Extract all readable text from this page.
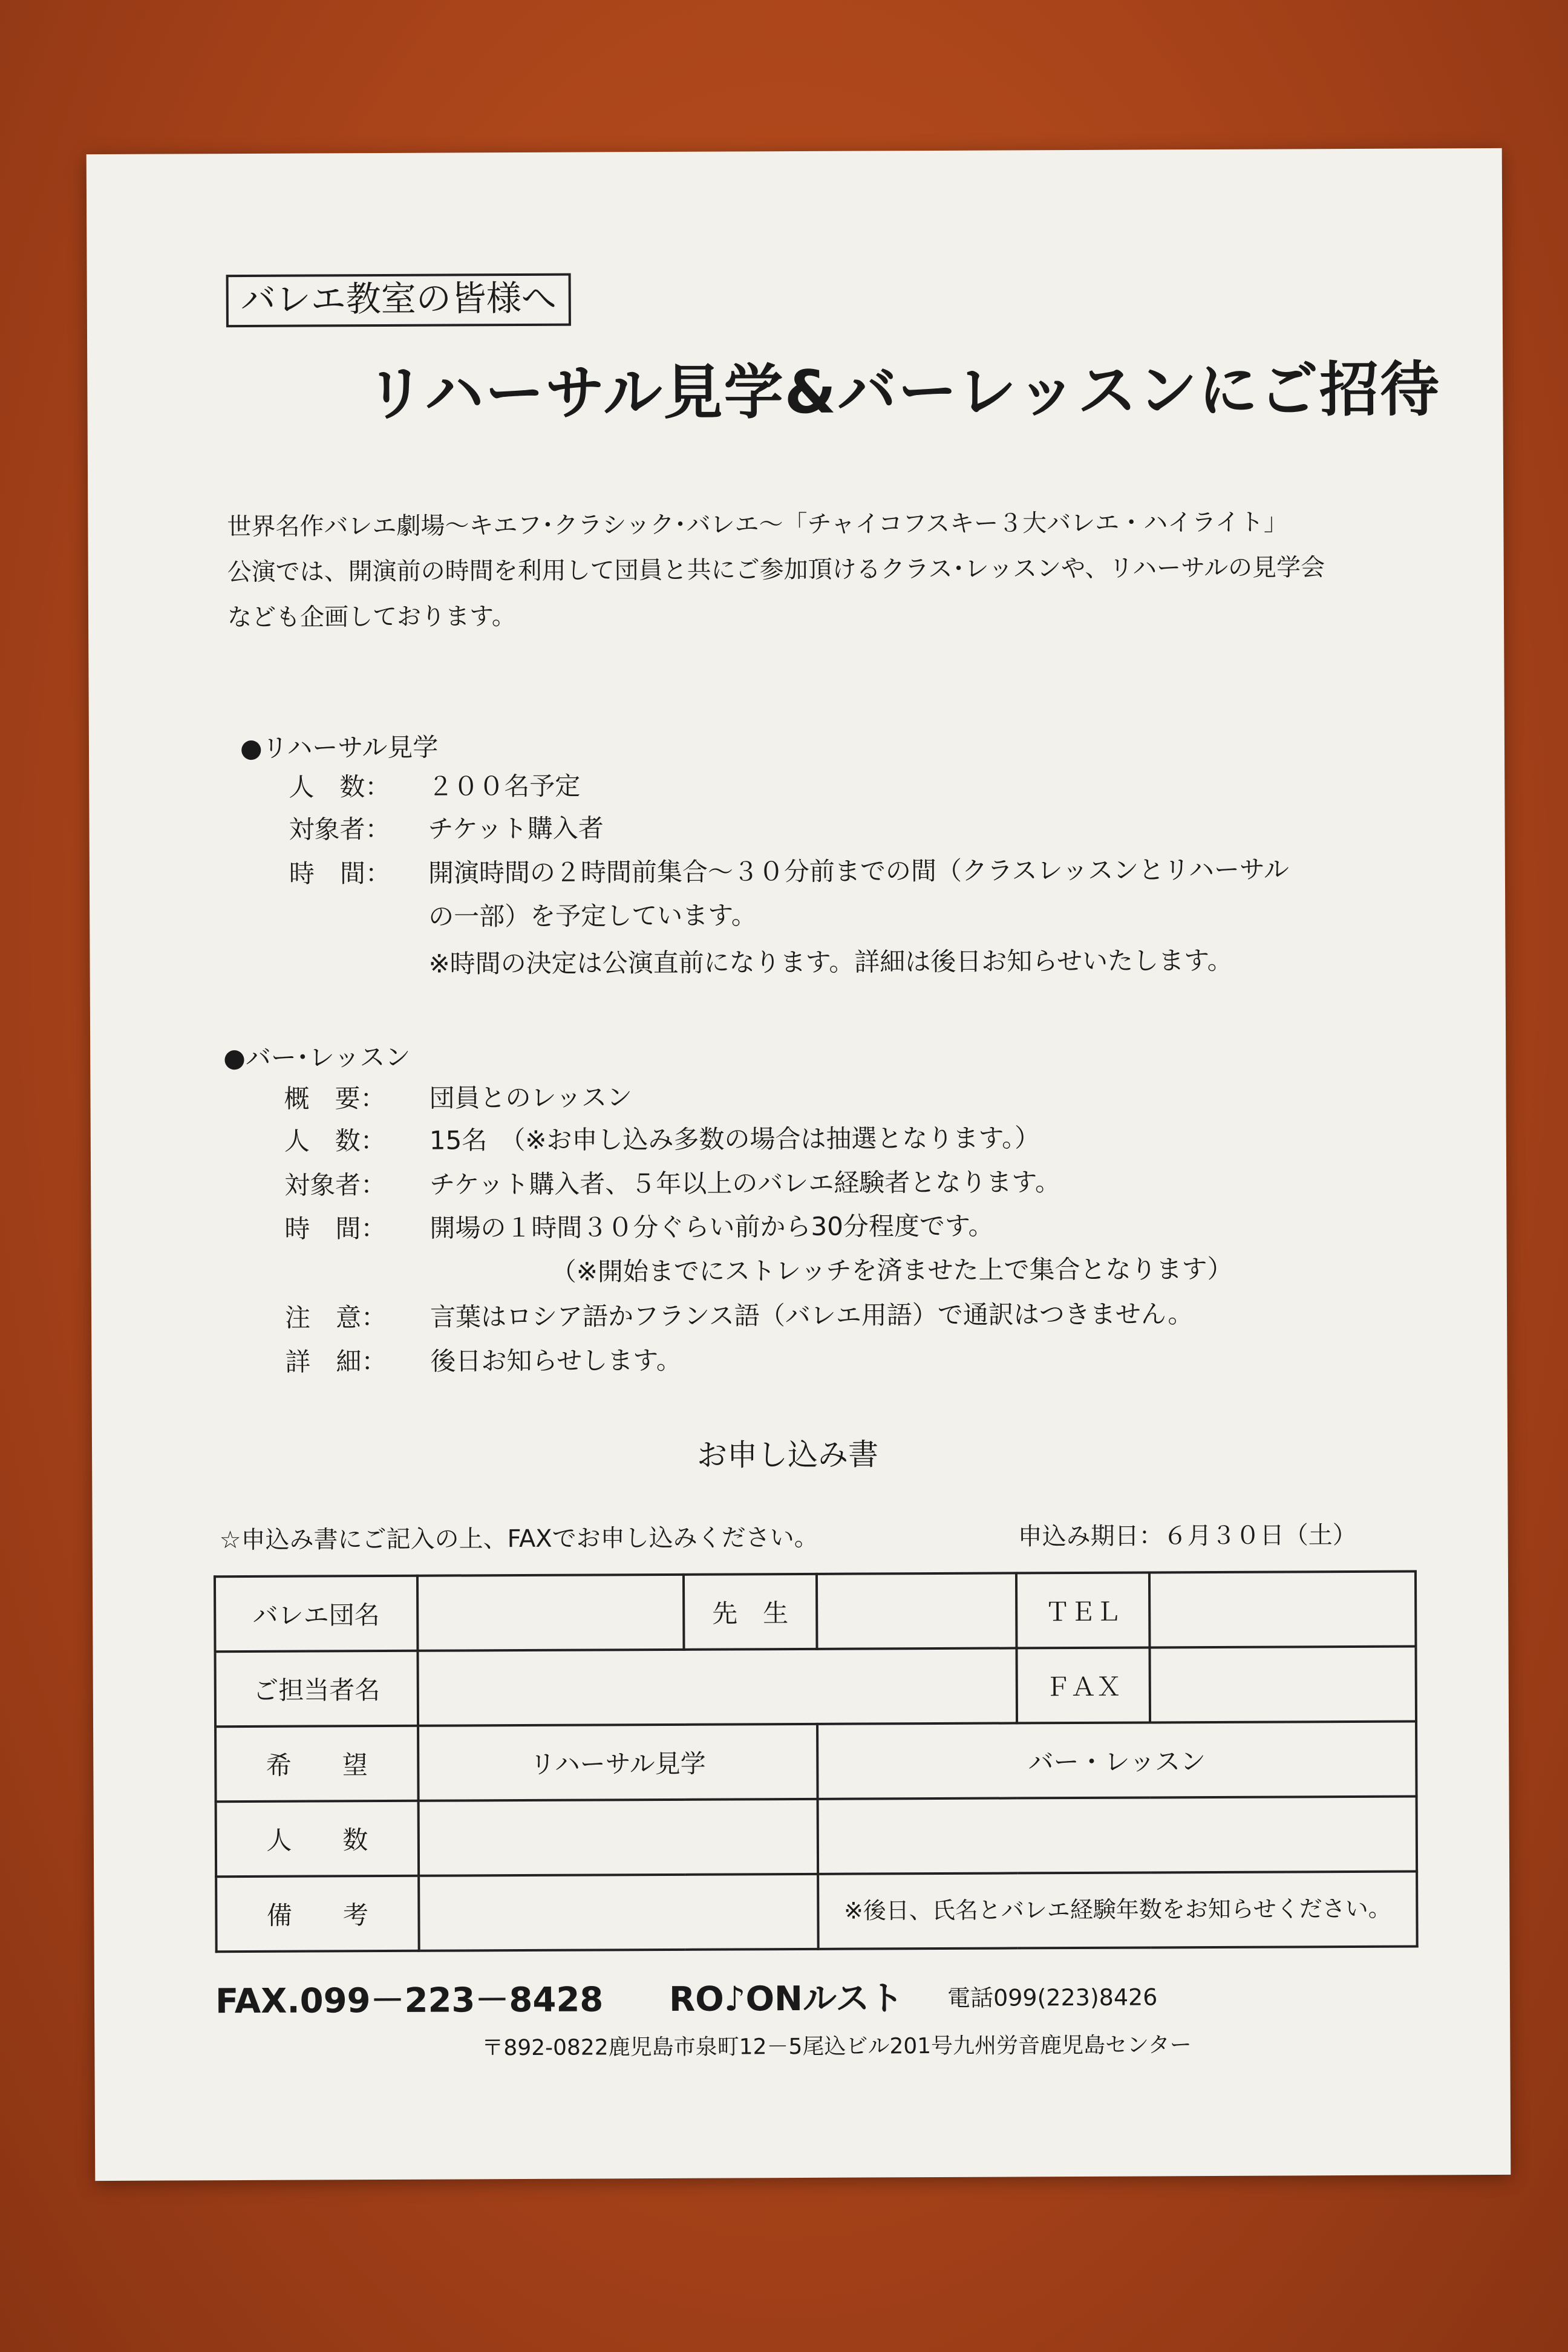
バレエ教室の皆様へ
リハーサル見学&バーレッスンにご招待
世界名作バレエ劇場～キエフ･クラシック･バレエ～「チャイコフスキー３大バレエ・ハイライト」
公演では、開演前の時間を利用して団員と共にご参加頂けるクラス･レッスンや、リハーサルの見学会
なども企画しております。
●リハーサル見学
人　数： ２００名予定
対象者： チケット購入者
時　間： 開演時間の２時間前集合～３０分前までの間（クラスレッスンとリハーサル
の一部）を予定しています。
※時間の決定は公演直前になります。詳細は後日お知らせいたします。
●バー･レッスン
概　要： 団員とのレッスン
人　数： 15名　（※お申し込み多数の場合は抽選となります。）
対象者： チケット購入者、５年以上のバレエ経験者となります。
時　間： 開場の１時間３０分ぐらい前から30分程度です。
（※開始までにストレッチを済ませた上で集合となります）
注　意： 言葉はロシア語かフランス語（バレエ用語）で通訳はつきません。
詳　細： 後日お知らせします。
お申し込み書
☆申込み書にご記入の上、FAXでお申し込みください。	申込み期日：６月３０日（土）
バレエ団名		先　生		ＴＥＬ	
ご担当者名				ＦＡＸ	
希　　望	リハーサル見学		バー・レッスン		
人　　数					
備　　考			※後日、氏名とバレエ経験年数をお知らせください。		
FAX.099－223－8428 RO♪ONルスト 電話099(223)8426
〒892-0822鹿児島市泉町12－5尾込ビル201号九州労音鹿児島センター
